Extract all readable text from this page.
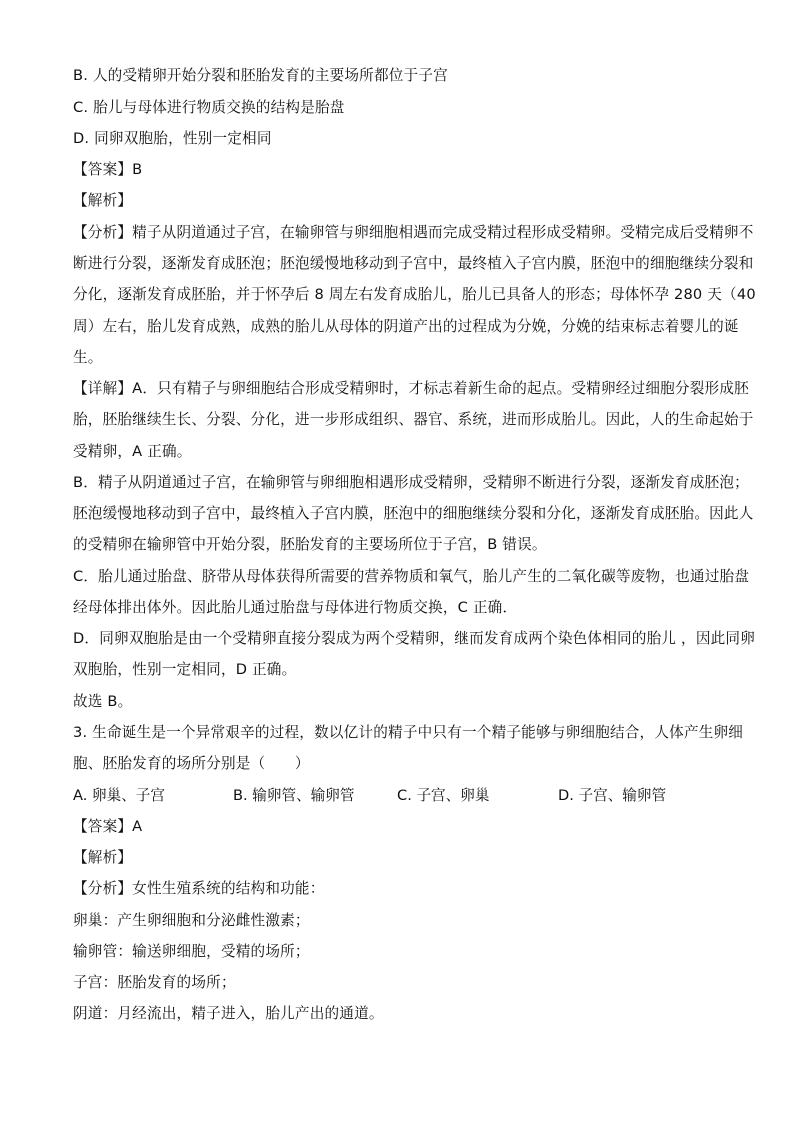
B. 人的受精卵开始分裂和胚胎发育的主要场所都位于子宫
C. 胎儿与母体进行物质交换的结构是胎盘
D. 同卵双胞胎，性别一定相同
【答案】B
【解析】
【分析】精子从阴道通过子宫，在输卵管与卵细胞相遇而完成受精过程形成受精卵。受精完成后受精卵不
断进行分裂，逐渐发育成胚泡；胚泡缓慢地移动到子宫中，最终植入子宫内膜，胚泡中的细胞继续分裂和
分化，逐渐发育成胚胎，并于怀孕后 8 周左右发育成胎儿，胎儿已具备人的形态；母体怀孕 280 天（40
周）左右，胎儿发育成熟，成熟的胎儿从母体的阴道产出的过程成为分娩，分娩的结束标志着婴儿的诞
生。
【详解】A．只有精子与卵细胞结合形成受精卵时，才标志着新生命的起点。受精卵经过细胞分裂形成胚
胎，胚胎继续生长、分裂、分化，进一步形成组织、器官、系统，进而形成胎儿。因此，人的生命起始于
受精卵，A 正确。
B．精子从阴道通过子宫，在输卵管与卵细胞相遇形成受精卵，受精卵不断进行分裂，逐渐发育成胚泡；
胚泡缓慢地移动到子宫中，最终植入子宫内膜，胚泡中的细胞继续分裂和分化，逐渐发育成胚胎。因此人
的受精卵在输卵管中开始分裂，胚胎发育的主要场所位于子宫，B 错误。
C．胎儿通过胎盘、脐带从母体获得所需要的营养物质和氧气，胎儿产生的二氧化碳等废物，也通过胎盘
经母体排出体外。因此胎儿通过胎盘与母体进行物质交换，C 正确．
D．同卵双胞胎是由一个受精卵直接分裂成为两个受精卵，继而发育成两个染色体相同的胎儿 ，因此同卵
双胞胎，性别一定相同，D 正确。
故选 B。
3. 生命诞生是一个异常艰辛的过程，数以亿计的精子中只有一个精子能够与卵细胞结合，人体产生卵细
胞、胚胎发育的场所分别是（　　）
A. 卵巢、子宫	B. 输卵管、输卵管	C. 子宫、卵巢	D. 子宫、输卵管
【答案】A
【解析】
【分析】女性生殖系统的结构和功能：
卵巢：产生卵细胞和分泌雌性激素；
输卵管：输送卵细胞，受精的场所；
子宫：胚胎发育的场所；
阴道：月经流出，精子进入，胎儿产出的通道。
